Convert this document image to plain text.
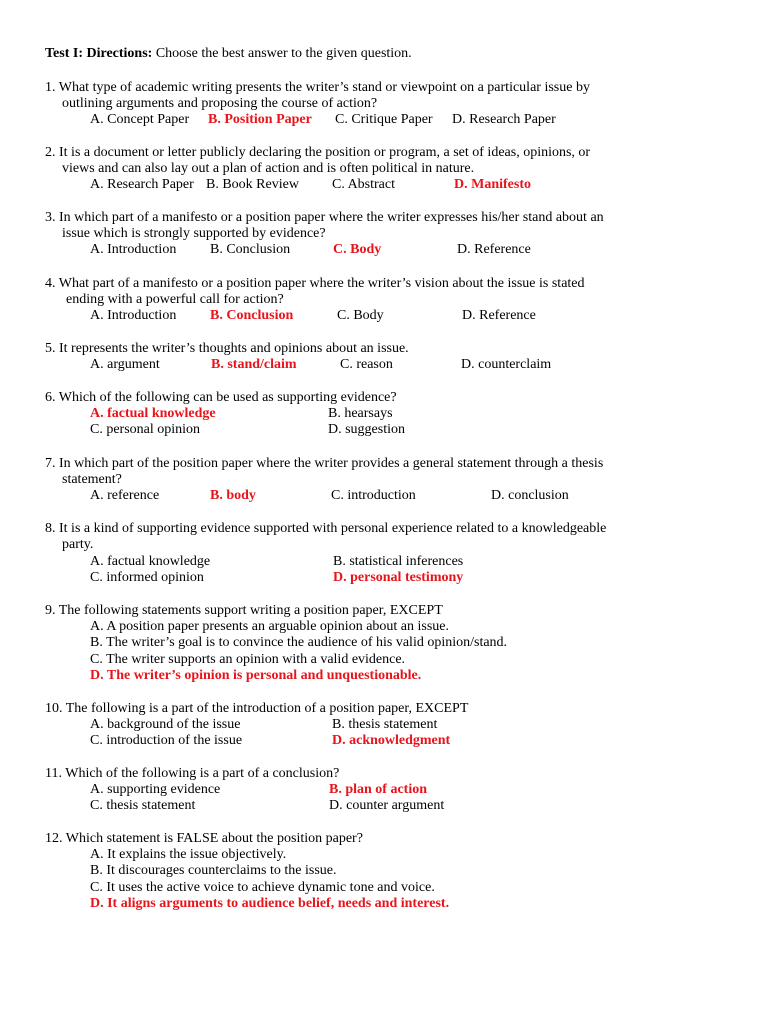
Test I: Directions: Choose the best answer to the given question.
1. What type of academic writing presents the writer’s stand or viewpoint on a particular issue by
outlining arguments and proposing the course of action?
A. Concept Paper B. Position Paper C. Critique Paper D. Research Paper
2. It is a document or letter publicly declaring the position or program, a set of ideas, opinions, or
views and can also lay out a plan of action and is often political in nature.
A. Research Paper B. Book Review C. Abstract	D. Manifesto
3. In which part of a manifesto or a position paper where the writer expresses his/her stand about an
issue which is strongly supported by evidence?
A. Introduction B. Conclusion	C. Body	D. Reference
4. What part of a manifesto or a position paper where the writer’s vision about the issue is stated
ending with a powerful call for action?
A. Introduction B. Conclusion	C. Body	D. Reference
5. It represents the writer’s thoughts and opinions about an issue.
A. argument	B. stand/claim	C. reason	D. counterclaim
6. Which of the following can be used as supporting evidence?
A. factual knowledge	B. hearsays
C. personal opinion	D. suggestion
7. In which part of the position paper where the writer provides a general statement through a thesis
statement?
A. reference	B. body	C. introduction	D. conclusion
8. It is a kind of supporting evidence supported with personal experience related to a knowledgeable
party.
A. factual knowledge	B. statistical inferences
C. informed opinion	D. personal testimony
9. The following statements support writing a position paper, EXCEPT
A. A position paper presents an arguable opinion about an issue.
B. The writer’s goal is to convince the audience of his valid opinion/stand.
C. The writer supports an opinion with a valid evidence.
D. The writer’s opinion is personal and unquestionable.
10. The following is a part of the introduction of a position paper, EXCEPT
A. background of the issue	B. thesis statement
C. introduction of the issue	D. acknowledgment
11. Which of the following is a part of a conclusion?
A. supporting evidence	B. plan of action
C. thesis statement	D. counter argument
12. Which statement is FALSE about the position paper?
A. It explains the issue objectively.
B. It discourages counterclaims to the issue.
C. It uses the active voice to achieve dynamic tone and voice.
D. It aligns arguments to audience belief, needs and interest.
